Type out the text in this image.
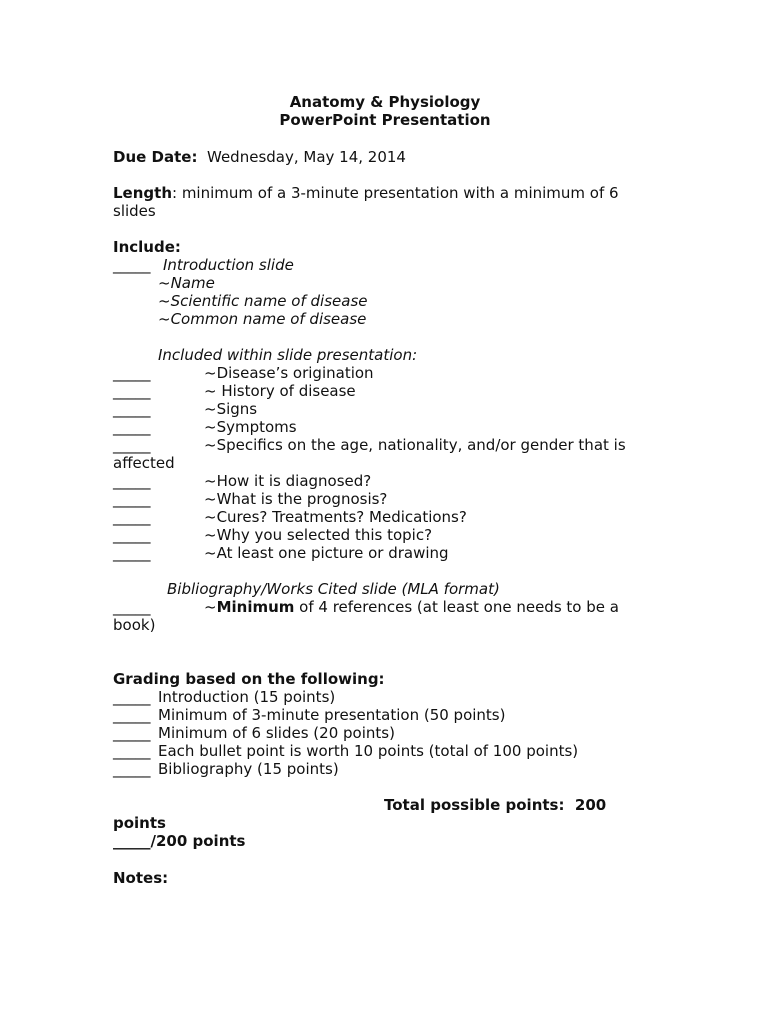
Anatomy & Physiology
PowerPoint Presentation
Due Date: Wednesday, May 14, 2014
Length: minimum of a 3-minute presentation with a minimum of 6
slides
Include:
_____ Introduction slide
~Name
~Scientific name of disease
~Common name of disease
Included within slide presentation:
_____	~Disease’s origination
_____	~ History of disease
_____	~Signs
_____	~Symptoms
_____	~Specifics on the age, nationality, and/or gender that is
affected
_____	~How it is diagnosed?
_____	~What is the prognosis?
_____	~Cures? Treatments? Medications?
_____	~Why you selected this topic?
_____	~At least one picture or drawing
Bibliography/Works Cited slide (MLA format)
_____	~Minimum of 4 references (at least one needs to be a
book)
Grading based on the following:
_____ Introduction (15 points)
_____ Minimum of 3-minute presentation (50 points)
_____ Minimum of 6 slides (20 points)
_____ Each bullet point is worth 10 points (total of 100 points)
_____ Bibliography (15 points)
Total possible points:  200
points
_____/200 points
Notes:
